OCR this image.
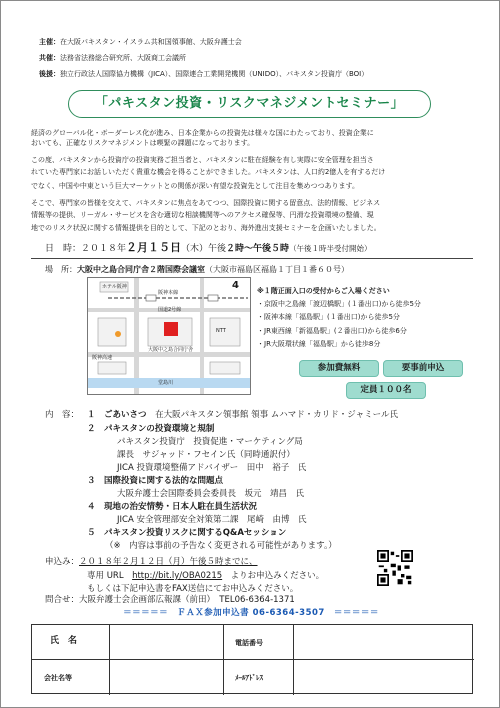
主催：在大阪パキスタン・イスラム共和国領事館、大阪弁護士会
共催：法務省法務総合研究所、大阪商工会議所
後援：独立行政法人国際協力機構（JICA）、国際連合工業開発機関（UNIDO）、パキスタン投資庁（BOI）
「パキスタン投資・リスクマネジメントセミナー」
経済のグローバル化・ボーダーレス化が進み、日本企業からの投資先は様々な国にわたっており、投資企業に
おいても、正確なリスクマネジメントは喫緊の課題になっております。
この度、パキスタンから投資庁の投資実務ご担当者と、パキスタンに駐在経験を有し実際に安全管理を担当さ
れていた専門家にお話しいただく貴重な機会を得ることができました。パキスタンは、人口約2億人を有するだけ
でなく、中国や中東という巨大マーケットとの関係が深い有望な投資先として注目を集めつつあります。
そこで、専門家の皆様を交えて、パキスタンに焦点をあてつつ、国際投資に関する留意点、法的情報、ビジネス
情報等の提供、リーガル・サービスを含む適切な相談機関等へのアクセス確保等、円滑な投資環境の整備、現
地でのリスク状況に関する情報提供を目的として、下記のとおり、海外進出支援セミナーを企画いたしました。
日　時：２０１８年２月１５日（木）午後２時～午後５時（午後１時半受付開始）
場　所：大阪中之島合同庁舎２階国際会議室（大阪市福島区福島１丁目１番６０号）
ホテル阪神
阪神本線
国道2号線
大阪中之島合同庁舎
堂島川
4
NTT
阪神高速
※１階正面入口の受付からご入場ください
・京阪中之島線「渡辺橋駅」(１番出口)から徒歩5分
・阪神本線「福島駅」(１番出口)から徒歩5分
・JR東西線「新福島駅」(２番出口)から徒歩6分
・JR大阪環状線「福島駅」から徒歩8分
参加費無料	要事前申込
定員１００名
内　容： １　 ごあいさつ　 在大阪パキスタン領事館 領事 ムハマド・カリド・ジャミール氏
２　 パキスタンの投資環境と規制
パキスタン投資庁　投資促進・マーケティング局
課長　サジャッド・フセイン氏（同時通訳付）
JICA 投資環境整備アドバイザー　田中　裕子　氏
３　 国際投資に関する法的な問題点
大阪弁護士会国際委員会委員長　坂元　靖昌　氏
４　 現地の治安情勢・日本人駐在員生活状況
JICA 安全管理部安全対策第二課　尾崎　由博　氏
５　 パキスタン投資リスクに関するQ&Aセッション
（※　内容は事前の予告なく変更される可能性があります。）
申込み：２０１８年２月１２日（月）午後５時までに、
専用 URL　http://bit.ly/OBA0215　よりお申込みください。
もしくは下記申込書をFAX送信にてお申込みください。
問合せ：大阪弁護士会企画部広報課（前田）　TEL06-6364-1371
＝＝＝＝＝　ＦＡＸ参加申込書 06-6364-3507　＝＝＝＝＝
氏　名	電話番号
会社名等	ﾒｰﾙｱﾄﾞﾚｽ
